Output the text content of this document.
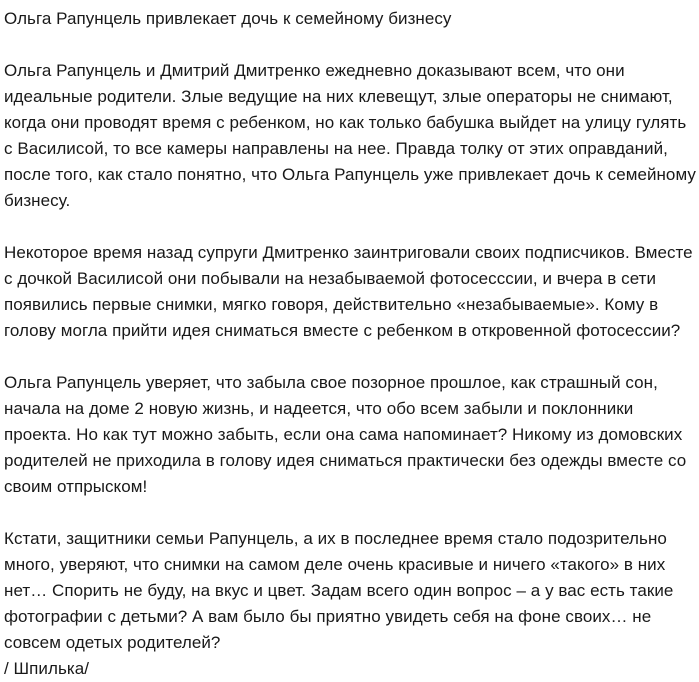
Ольга Рапунцель привлекает дочь к семейному бизнесу

Ольга Рапунцель и Дмитрий Дмитренко ежедневно доказывают всем, что они идеальные родители. Злые ведущие на них клевещут, злые операторы не снимают, когда они проводят время с ребенком, но как только бабушка выйдет на улицу гулять с Василисой, то все камеры направлены на нее. Правда толку от этих оправданий, после того, как стало понятно, что Ольга Рапунцель уже привлекает дочь к семейному бизнесу.

Некоторое время назад супруги Дмитренко заинтриговали своих подписчиков. Вместе с дочкой Василисой они побывали на незабываемой фотосесссии, и вчера в сети появились первые снимки, мягко говоря, действительно «незабываемые». Кому в голову могла прийти идея сниматься вместе с ребенком в откровенной фотосессии?

Ольга Рапунцель уверяет, что забыла свое позорное прошлое, как страшный сон, начала на доме 2 новую жизнь, и надеется, что обо всем забыли и поклонники проекта. Но как тут можно забыть, если она сама напоминает? Никому из домовских родителей не приходила в голову идея сниматься практически без одежды вместе со своим отпрыском!

Кстати, защитники семьи Рапунцель, а их в последнее время стало подозрительно много, уверяют, что снимки на самом деле очень красивые и ничего «такого» в них нет… Спорить не буду, на вкус и цвет. Задам всего один вопрос – а у вас есть такие фотографии с детьми? А вам было бы приятно увидеть себя на фоне своих… не совсем одетых родителей?

/ Шпилька/
